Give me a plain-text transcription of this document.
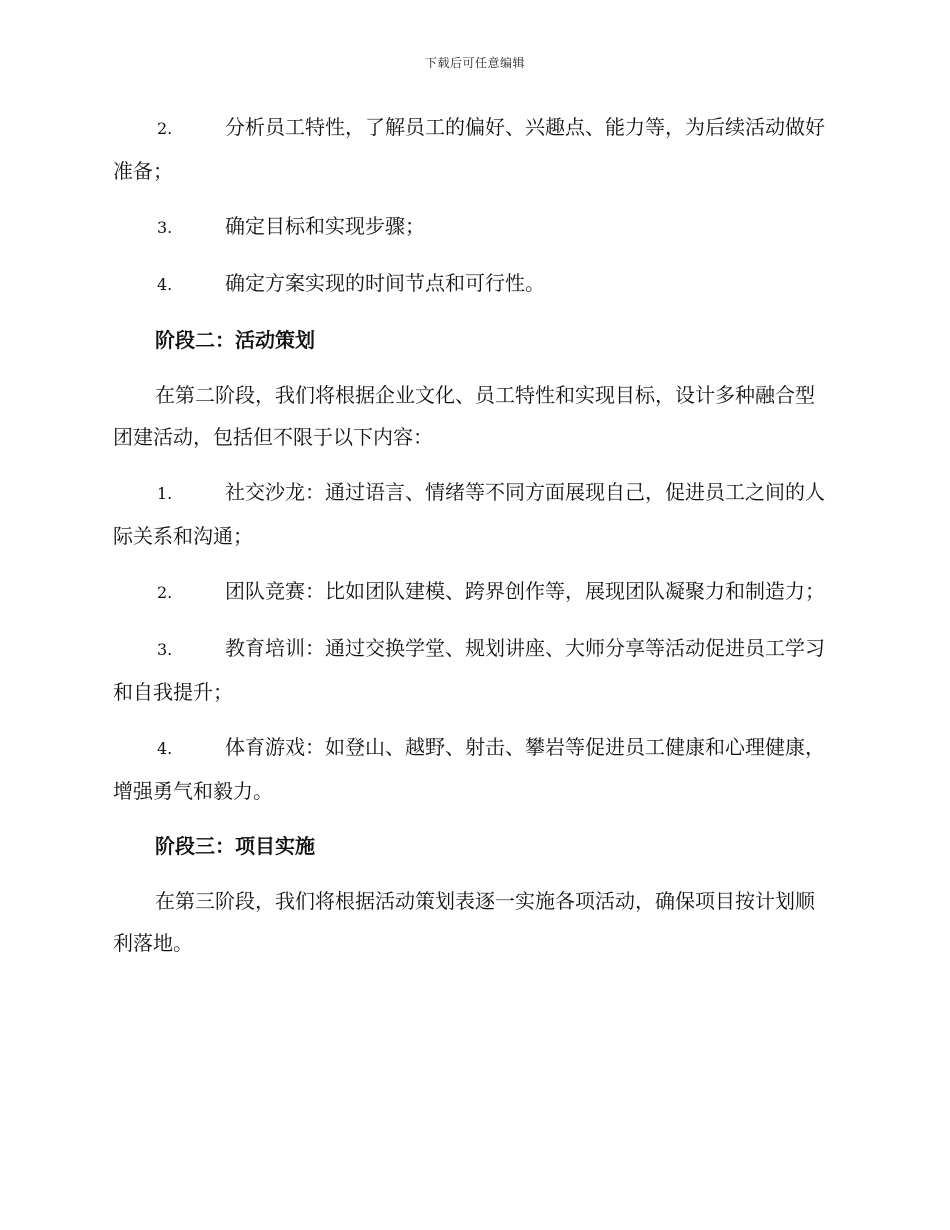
下载后可任意编辑

2.	分析员工特性，了解员工的偏好、兴趣点、能力等，为后续活动做好准备；

3.	确定目标和实现步骤；

4.	确定方案实现的时间节点和可行性。

阶段二：活动策划

在第二阶段，我们将根据企业文化、员工特性和实现目标，设计多种融合型团建活动，包括但不限于以下内容：

1.	社交沙龙：通过语言、情绪等不同方面展现自己，促进员工之间的人际关系和沟通；

2.	团队竞赛：比如团队建模、跨界创作等，展现团队凝聚力和制造力；

3.	教育培训：通过交换学堂、规划讲座、大师分享等活动促进员工学习和自我提升；

4.	体育游戏：如登山、越野、射击、攀岩等促进员工健康和心理健康，增强勇气和毅力。

阶段三：项目实施

在第三阶段，我们将根据活动策划表逐一实施各项活动，确保项目按计划顺利落地。
